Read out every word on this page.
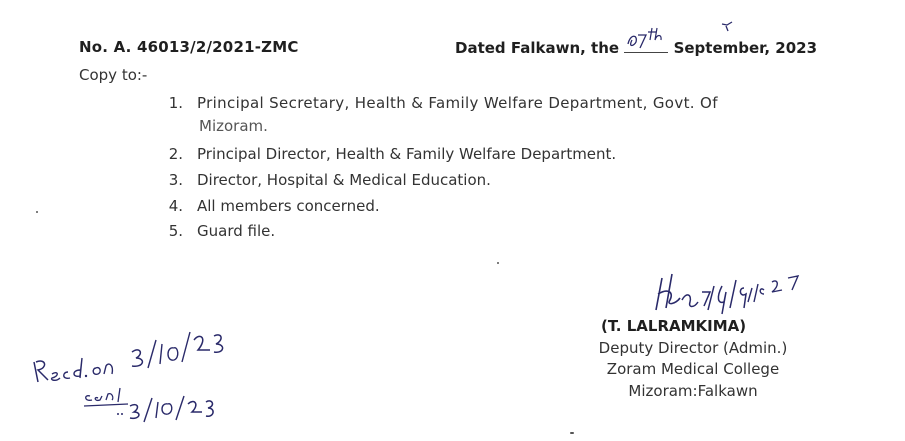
No. A. 46013/2/2021-ZMC	Dated Falkawn, the	September, 2023
Copy to:-
1. Principal Secretary, Health & Family Welfare Department, Govt. Of
Mizoram.
2. Principal Director, Health & Family Welfare Department.
3. Director, Hospital & Medical Education.
4. All members concerned.
5. Guard file.
(T. LALRAMKIMA)
Deputy Director (Admin.)
Zoram Medical College
Mizoram:Falkawn
